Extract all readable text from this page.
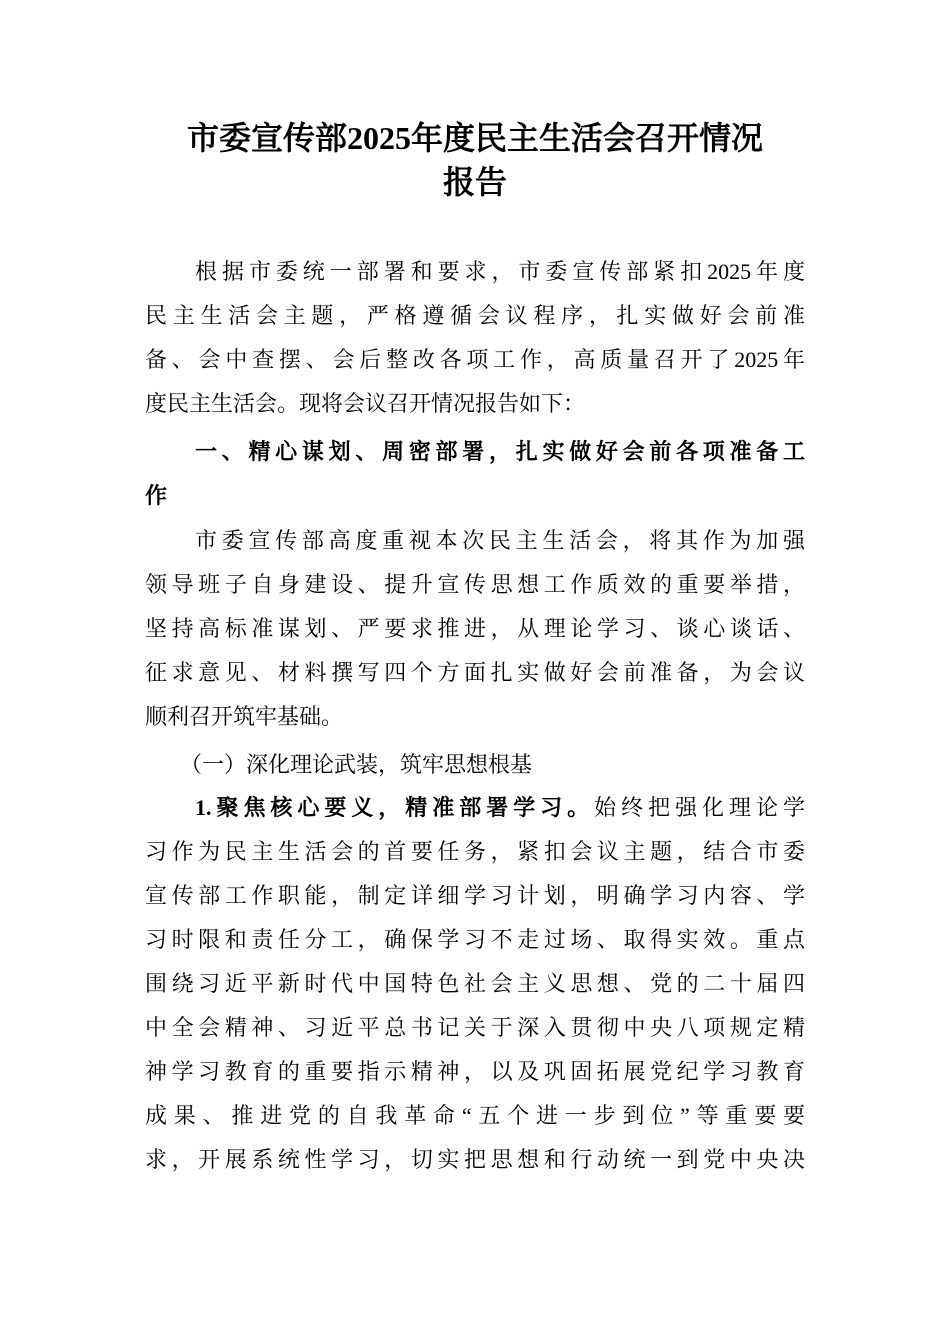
市委宣传部2025年度民主生活会召开情况
报告
根据市委统一部署和要求，市委宣传部紧扣2025年度
民主生活会主题，严格遵循会议程序，扎实做好会前准
备、会中查摆、会后整改各项工作，高质量召开了2025年
度民主生活会。现将会议召开情况报告如下：
一、精心谋划、周密部署，扎实做好会前各项准备工
作
市委宣传部高度重视本次民主生活会，将其作为加强
领导班子自身建设、提升宣传思想工作质效的重要举措，
坚持高标准谋划、严要求推进，从理论学习、谈心谈话、
征求意见、材料撰写四个方面扎实做好会前准备，为会议
顺利召开筑牢基础。
（一）深化理论武装，筑牢思想根基
1.聚焦核心要义，精准部署学习。始终把强化理论学
习作为民主生活会的首要任务，紧扣会议主题，结合市委
宣传部工作职能，制定详细学习计划，明确学习内容、学
习时限和责任分工，确保学习不走过场、取得实效。重点
围绕习近平新时代中国特色社会主义思想、党的二十届四
中全会精神、习近平总书记关于深入贯彻中央八项规定精
神学习教育的重要指示精神，以及巩固拓展党纪学习教育
成果、推进党的自我革命“五个进一步到位”等重要要
求，开展系统性学习，切实把思想和行动统一到党中央决
